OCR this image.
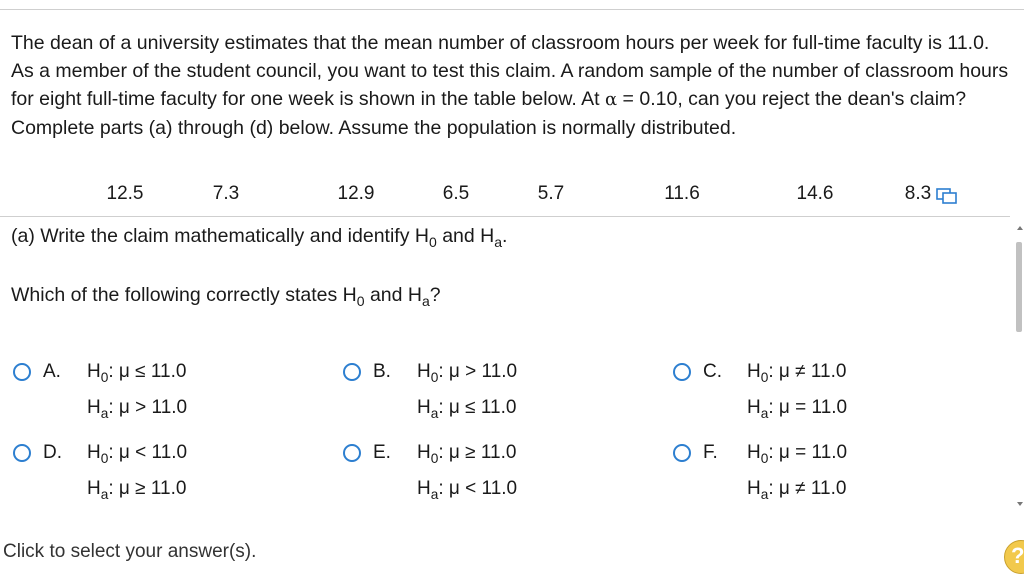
The dean of a university estimates that the mean number of classroom hours per week for full-time faculty is 11.0. As a member of the student council, you want to test this claim. A random sample of the number of classroom hours for eight full-time faculty for one week is shown in the table below. At α = 0.10, can you reject the dean's claim? Complete parts (a) through (d) below. Assume the population is normally distributed.

12.5	7.3	12.9	6.5	5.7	11.6	14.6	8.3
(a) Write the claim mathematically and identify $H_0$ and $H_a$.
Which of the following correctly states $H_0$ and $H_a$?
A. $H_0$: μ ≤ 11.0
$H_a$: μ > 11.0
B. $H_0$: μ > 11.0
$H_a$: μ ≤ 11.0
C. $H_0$: μ ≠ 11.0
$H_a$: μ = 11.0
D. $H_0$: μ < 11.0
$H_a$: μ ≥ 11.0
E. $H_0$: μ ≥ 11.0
$H_a$: μ < 11.0
F. $H_0$: μ = 11.0
$H_a$: μ ≠ 11.0
Click to select your answer(s).	?
